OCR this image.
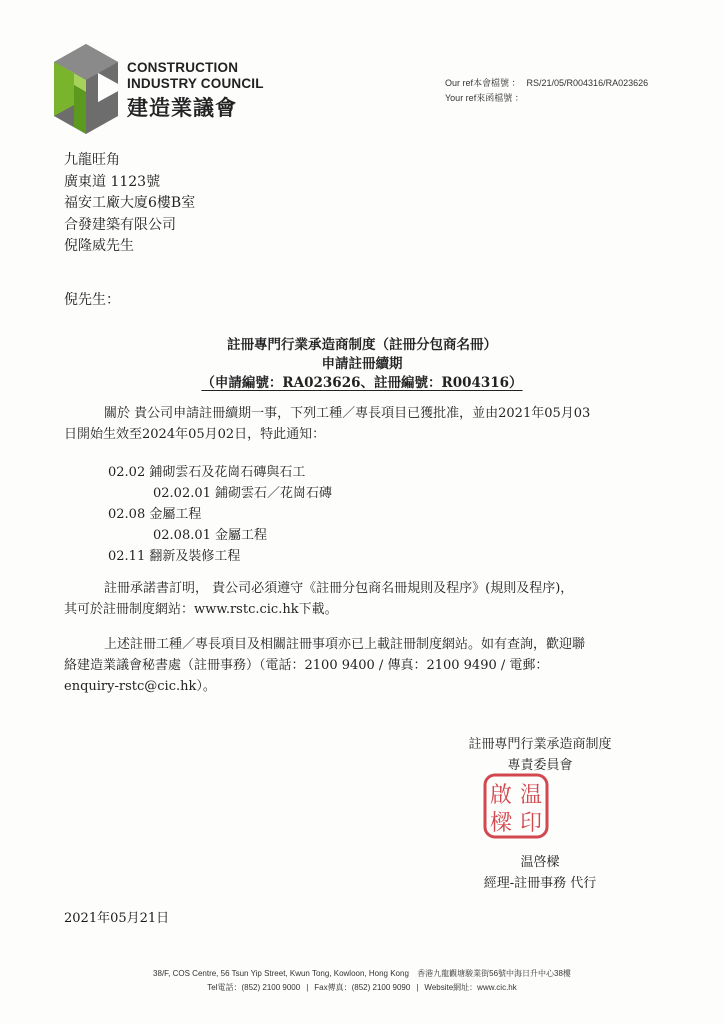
CONSTRUCTION
INDUSTRY COUNCIL
建造業議會
Our ref本會檔號 ： RS/21/05/R004316/RA023626
Your ref來函檔號 ：
九龍旺角
廣東道 1123號
福安工廠大廈6樓B室
合發建築有限公司
倪隆威先生
倪先生：
註冊專門行業承造商制度（註冊分包商名冊）
申請註冊續期
（申請編號：RA023626、註冊編號：R004316）
關於 貴公司申請註冊續期一事，下列工種／專長項目已獲批准，並由2021年05月03
日開始生效至2024年05月02日，特此通知：
02.02 鋪砌雲石及花崗石磚與石工
02.02.01 鋪砌雲石／花崗石磚
02.08 金屬工程
02.08.01 金屬工程
02.11 翻新及裝修工程
註冊承諾書訂明， 貴公司必須遵守《註冊分包商名冊規則及程序》(規則及程序)，
其可於註冊制度網站：www.rstc.cic.hk下載。
上述註冊工種／專長項目及相關註冊事項亦已上載註冊制度網站。如有查詢，歡迎聯
絡建造業議會秘書處（註冊事務）（電話：2100 9400 / 傳真：2100 9490 / 電郵：
enquiry-rstc@cic.hk）。
註冊專門行業承造商制度
專責委員會
温
啟
樑 印
温啓樑
經理-註冊事務 代行
2021年05月21日
38/F, COS Centre, 56 Tsun Yip Street, Kwun Tong, Kowloon, Hong Kong 香港九龍觀塘駿業街56號中海日升中心38樓
Tel電話：(852) 2100 9000 | Fax傳真：(852) 2100 9090 | Website網址：www.cic.hk
